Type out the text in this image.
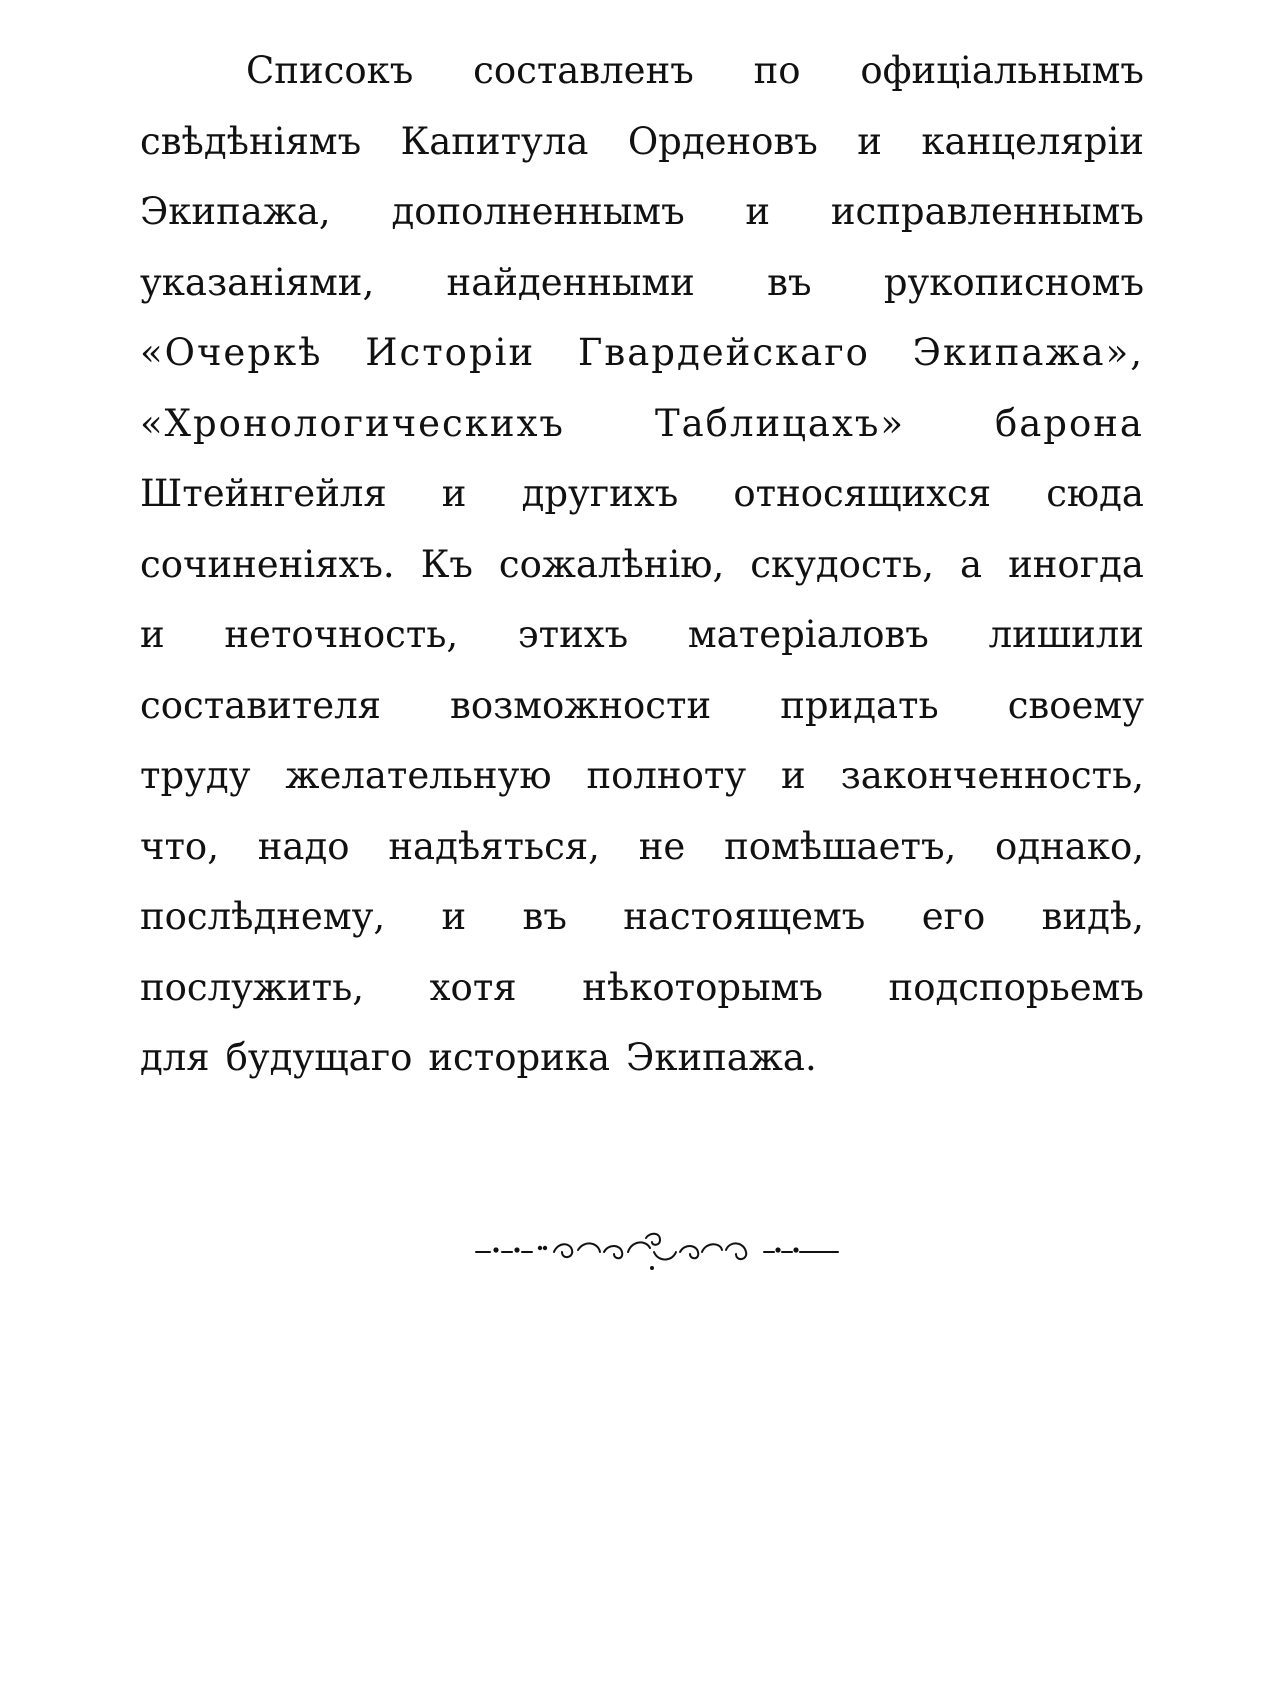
Списокъ составленъ по офиціальнымъ
свѣдѣніямъ Капитула Орденовъ и канцеляріи
Экипажа, дополненнымъ и исправленнымъ
указаніями, найденными въ рукописномъ
«Очеркѣ Исторіи Гвардейскаго Экипажа»,
«Хронологическихъ Таблицахъ» барона
Штейнгейля и другихъ относящихся сюда
сочиненіяхъ. Къ сожалѣнію, скудость, а иногда
и неточность, этихъ матеріаловъ лишили
составителя возможности придать своему
труду желательную полноту и законченность,
что, надо надѣяться, не помѣшаетъ, однако,
послѣднему, и въ настоящемъ его видѣ,
послужить, хотя нѣкоторымъ подспорьемъ
для будущаго историка Экипажа.
